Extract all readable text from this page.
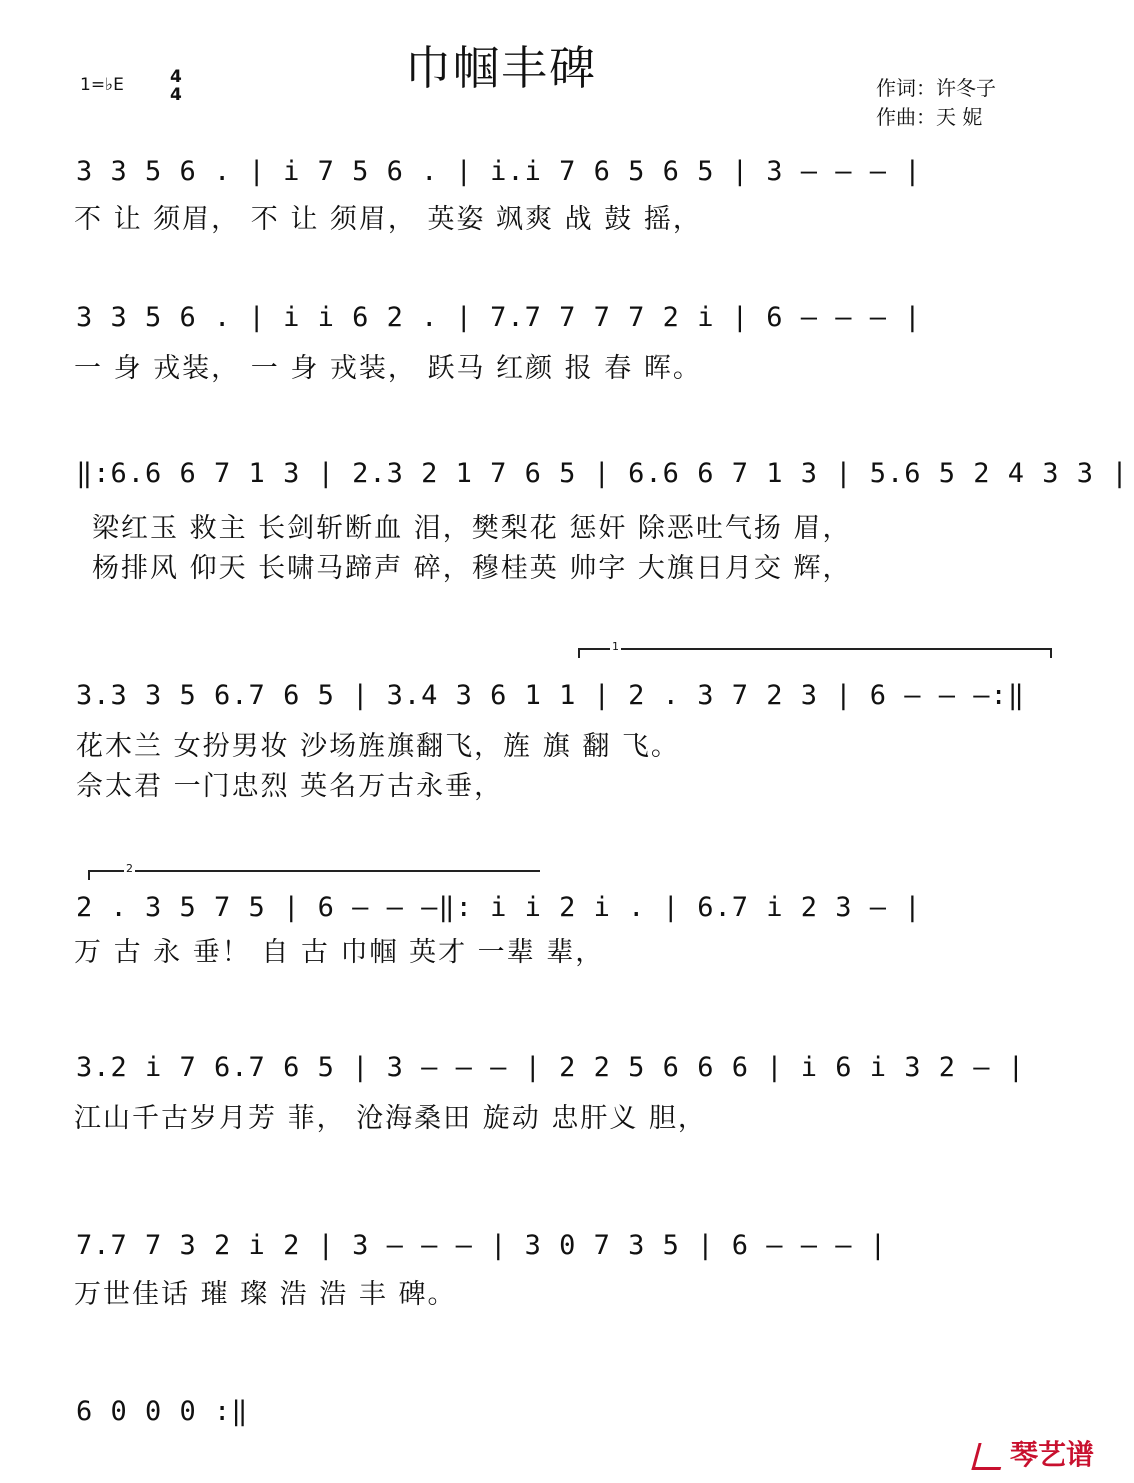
巾帼丰碑
1=♭E	4
4	作词：许冬子
作曲：天 妮
3 3 5 6 . | i 7 5 6 . | i.i 7 6 5 6 5 | 3 — — — |
不 让 须眉， 不 让 须眉， 英姿 飒爽 战 鼓 摇，
3 3 5 6 . | i i 6 2 . | 7.7 7 7 7 2 i | 6 — — — |
一 身 戎装， 一 身 戎装， 跃马 红颜 报 春 晖。
‖:6.6 6 7 1 3 | 2.3 2 1 7 6 5 | 6.6 6 7 1 3 | 5.6 5 2 4 3 3 |
梁红玉 救主 长剑斩断血 泪，樊梨花 惩奸 除恶吐气扬 眉，
杨排风 仰天 长啸马蹄声 碎，穆桂英 帅字 大旗日月交 辉，
1
3.3 3 5 6.7 6 5 | 3.4 3 6 1 1 | 2 . 3 7 2 3 | 6 — — —:‖
花木兰 女扮男妆 沙场旌旗翻飞，旌 旗 翻 飞。
佘太君 一门忠烈 英名万古永垂，
2
2 . 3 5 7 5 | 6 — — —‖: i i 2 i . | 6.7 i 2 3 — |
万 古 永 垂！ 自 古 巾帼 英才 一辈 辈，
3.2 i 7 6.7 6 5 | 3 — — — | 2 2 5 6 6 6 | i 6 i 3 2 — |
江山千古岁月芳 菲， 沧海桑田 旋动 忠肝义 胆，
7.7 7 3 2 i 2 | 3 — — — | 3 0 7 3 5 | 6 — — — |
万世佳话 璀 璨 浩 浩 丰 碑。
6 0 0 0 :‖
琴艺谱
